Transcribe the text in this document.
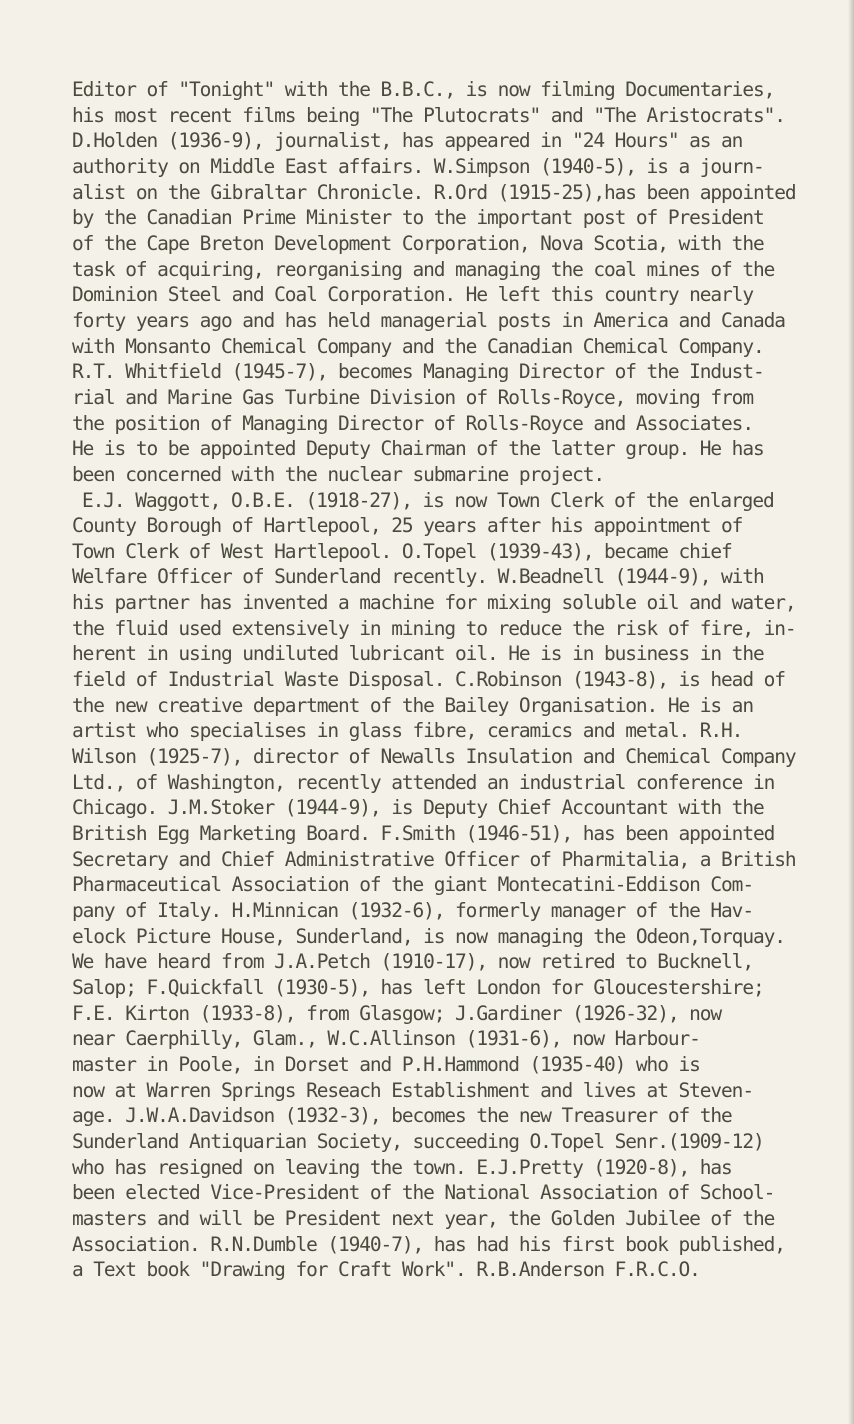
Editor of "Tonight" with the B.B.C., is now filming Documentaries,
his most recent films being "The Plutocrats" and "The Aristocrats".
D.Holden (1936-9), journalist, has appeared in "24 Hours" as an
authority on Middle East affairs. W.Simpson (1940-5), is a journ-
alist on the Gibraltar Chronicle. R.Ord (1915-25),has been appointed
by the Canadian Prime Minister to the important post of President
of the Cape Breton Development Corporation, Nova Scotia, with the
task of acquiring, reorganising and managing the coal mines of the
Dominion Steel and Coal Corporation. He left this country nearly
forty years ago and has held managerial posts in America and Canada
with Monsanto Chemical Company and the Canadian Chemical Company.
R.T. Whitfield (1945-7), becomes Managing Director of the Indust-
rial and Marine Gas Turbine Division of Rolls-Royce, moving from
the position of Managing Director of Rolls-Royce and Associates.
He is to be appointed Deputy Chairman of the latter group. He has
been concerned with the nuclear submarine project.
E.J. Waggott, O.B.E. (1918-27), is now Town Clerk of the enlarged
County Borough of Hartlepool, 25 years after his appointment of
Town Clerk of West Hartlepool. O.Topel (1939-43), became chief
Welfare Officer of Sunderland recently. W.Beadnell (1944-9), with
his partner has invented a machine for mixing soluble oil and water,
the fluid used extensively in mining to reduce the risk of fire, in-
herent in using undiluted lubricant oil. He is in business in the
field of Industrial Waste Disposal. C.Robinson (1943-8), is head of
the new creative department of the Bailey Organisation. He is an
artist who specialises in glass fibre, ceramics and metal. R.H.
Wilson (1925-7), director of Newalls Insulation and Chemical Company
Ltd., of Washington, recently attended an industrial conference in
Chicago. J.M.Stoker (1944-9), is Deputy Chief Accountant with the
British Egg Marketing Board. F.Smith (1946-51), has been appointed
Secretary and Chief Administrative Officer of Pharmitalia, a British
Pharmaceutical Association of the giant Montecatini-Eddison Com-
pany of Italy. H.Minnican (1932-6), formerly manager of the Hav-
elock Picture House, Sunderland, is now managing the Odeon,Torquay.
We have heard from J.A.Petch (1910-17), now retired to Bucknell,
Salop; F.Quickfall (1930-5), has left London for Gloucestershire;
F.E. Kirton (1933-8), from Glasgow; J.Gardiner (1926-32), now
near Caerphilly, Glam., W.C.Allinson (1931-6), now Harbour-
master in Poole, in Dorset and P.H.Hammond (1935-40) who is
now at Warren Springs Reseach Establishment and lives at Steven-
age. J.W.A.Davidson (1932-3), becomes the new Treasurer of the
Sunderland Antiquarian Society, succeeding O.Topel Senr.(1909-12)
who has resigned on leaving the town. E.J.Pretty (1920-8), has
been elected Vice-President of the National Association of School-
masters and will be President next year, the Golden Jubilee of the
Association. R.N.Dumble (1940-7), has had his first book published,
a Text book "Drawing for Craft Work". R.B.Anderson F.R.C.O.
